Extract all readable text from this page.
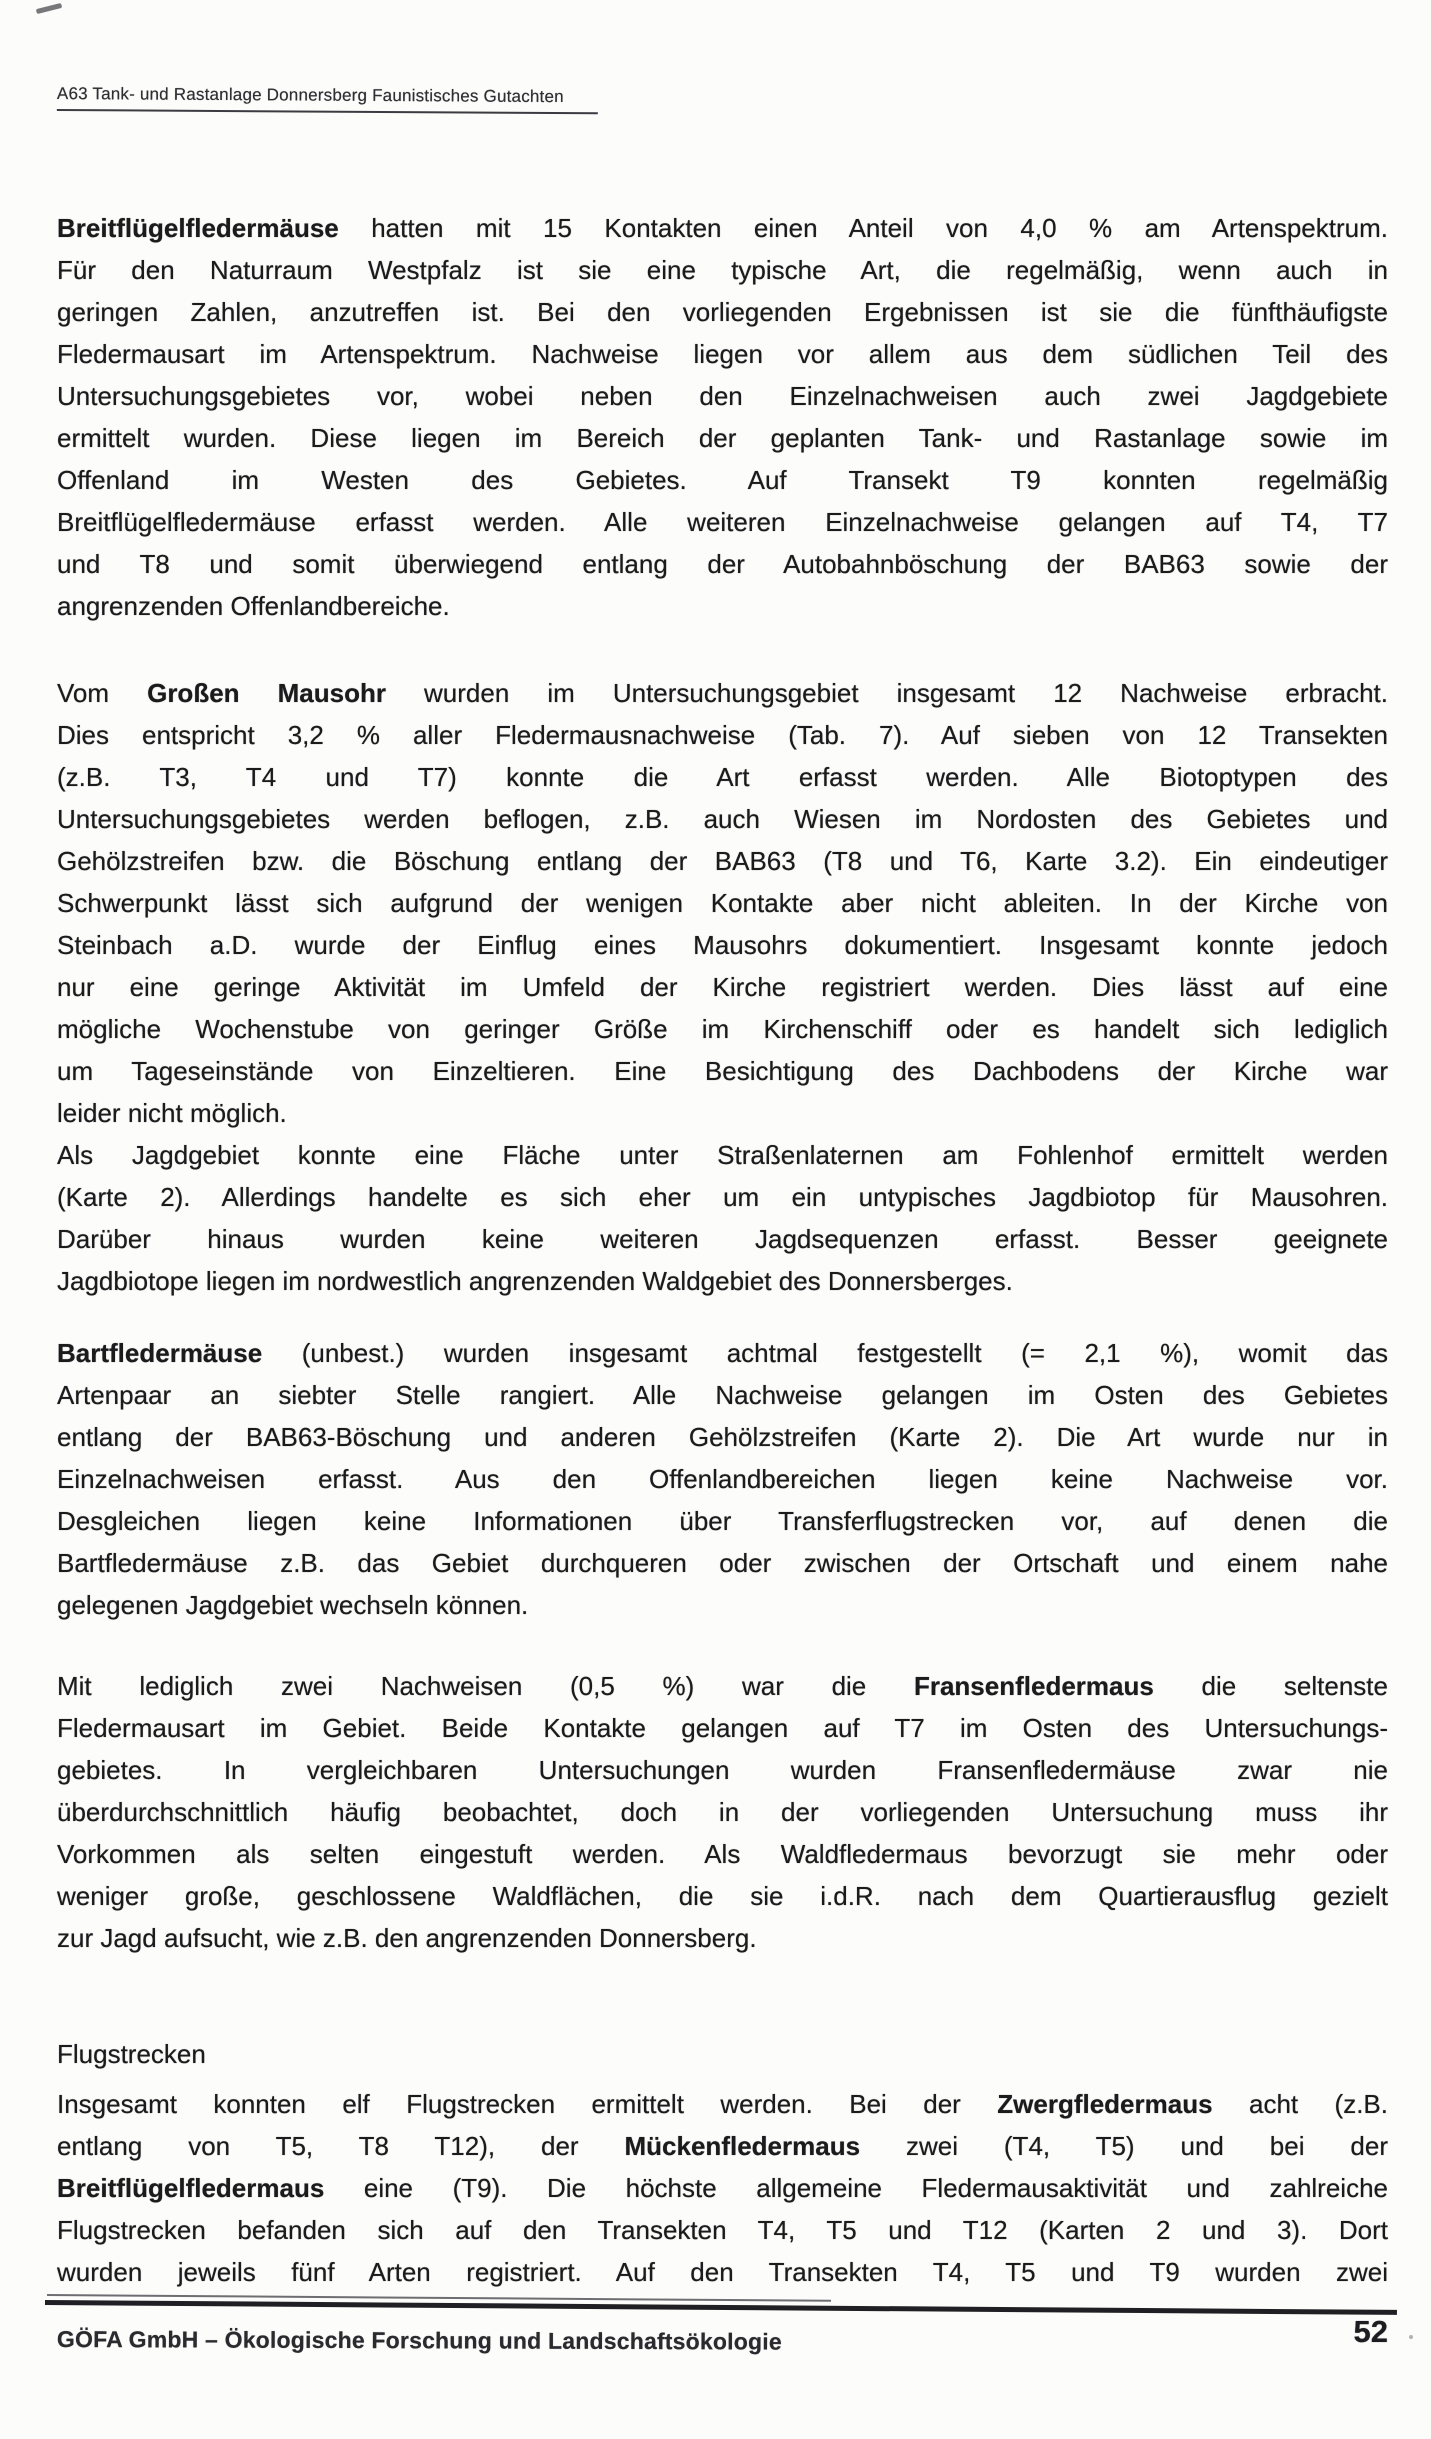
A63 Tank- und Rastanlage Donnersberg Faunistisches Gutachten
Breitflügelfledermäuse hatten mit 15 Kontakten einen Anteil von 4,0 % am Artenspektrum.
Für den Naturraum Westpfalz ist sie eine typische Art, die regelmäßig, wenn auch in
geringen Zahlen, anzutreffen ist. Bei den vorliegenden Ergebnissen ist sie die fünfthäufigste
Fledermausart im Artenspektrum. Nachweise liegen vor allem aus dem südlichen Teil des
Untersuchungsgebietes vor, wobei neben den Einzelnachweisen auch zwei Jagdgebiete
ermittelt wurden. Diese liegen im Bereich der geplanten Tank- und Rastanlage sowie im
Offenland im Westen des Gebietes. Auf Transekt T9 konnten regelmäßig
Breitflügelfledermäuse erfasst werden. Alle weiteren Einzelnachweise gelangen auf T4, T7
und T8 und somit überwiegend entlang der Autobahnböschung der BAB63 sowie der
angrenzenden Offenlandbereiche.
Vom Großen Mausohr wurden im Untersuchungsgebiet insgesamt 12 Nachweise erbracht.
Dies entspricht 3,2 % aller Fledermausnachweise (Tab. 7). Auf sieben von 12 Transekten
(z.B. T3, T4 und T7) konnte die Art erfasst werden. Alle Biotoptypen des
Untersuchungsgebietes werden beflogen, z.B. auch Wiesen im Nordosten des Gebietes und
Gehölzstreifen bzw. die Böschung entlang der BAB63 (T8 und T6, Karte 3.2). Ein eindeutiger
Schwerpunkt lässt sich aufgrund der wenigen Kontakte aber nicht ableiten. In der Kirche von
Steinbach a.D. wurde der Einflug eines Mausohrs dokumentiert. Insgesamt konnte jedoch
nur eine geringe Aktivität im Umfeld der Kirche registriert werden. Dies lässt auf eine
mögliche Wochenstube von geringer Größe im Kirchenschiff oder es handelt sich lediglich
um Tageseinstände von Einzeltieren. Eine Besichtigung des Dachbodens der Kirche war
leider nicht möglich.
Als Jagdgebiet konnte eine Fläche unter Straßenlaternen am Fohlenhof ermittelt werden
(Karte 2). Allerdings handelte es sich eher um ein untypisches Jagdbiotop für Mausohren.
Darüber hinaus wurden keine weiteren Jagdsequenzen erfasst. Besser geeignete
Jagdbiotope liegen im nordwestlich angrenzenden Waldgebiet des Donnersberges.
Bartfledermäuse (unbest.) wurden insgesamt achtmal festgestellt (= 2,1 %), womit das
Artenpaar an siebter Stelle rangiert. Alle Nachweise gelangen im Osten des Gebietes
entlang der BAB63-Böschung und anderen Gehölzstreifen (Karte 2). Die Art wurde nur in
Einzelnachweisen erfasst. Aus den Offenlandbereichen liegen keine Nachweise vor.
Desgleichen liegen keine Informationen über Transferflugstrecken vor, auf denen die
Bartfledermäuse z.B. das Gebiet durchqueren oder zwischen der Ortschaft und einem nahe
gelegenen Jagdgebiet wechseln können.
Mit lediglich zwei Nachweisen (0,5 %) war die Fransenfledermaus die seltenste
Fledermausart im Gebiet. Beide Kontakte gelangen auf T7 im Osten des Untersuchungs-
gebietes. In vergleichbaren Untersuchungen wurden Fransenfledermäuse zwar nie
überdurchschnittlich häufig beobachtet, doch in der vorliegenden Untersuchung muss ihr
Vorkommen als selten eingestuft werden. Als Waldfledermaus bevorzugt sie mehr oder
weniger große, geschlossene Waldflächen, die sie i.d.R. nach dem Quartierausflug gezielt
zur Jagd aufsucht, wie z.B. den angrenzenden Donnersberg.
Flugstrecken
Insgesamt konnten elf Flugstrecken ermittelt werden. Bei der Zwergfledermaus acht (z.B.
entlang von T5, T8 T12), der Mückenfledermaus zwei (T4, T5) und bei der
Breitflügelfledermaus eine (T9). Die höchste allgemeine Fledermausaktivität und zahlreiche
Flugstrecken befanden sich auf den Transekten T4, T5 und T12 (Karten 2 und 3). Dort
wurden jeweils fünf Arten registriert. Auf den Transekten T4, T5 und T9 wurden zwei
GÖFA GmbH – Ökologische Forschung und Landschaftsökologie	52
